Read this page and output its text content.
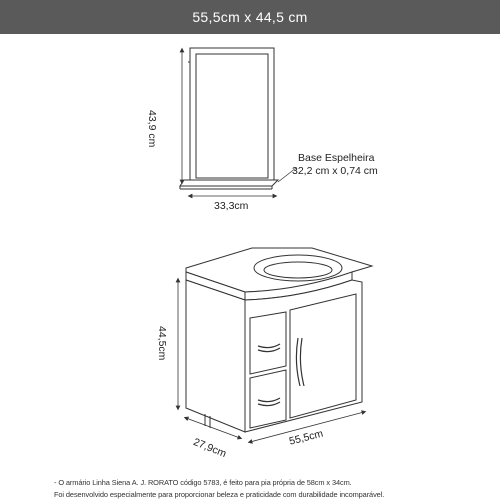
55,5cm x 44,5 cm
43,9 cm
33,3cm
Base Espelheira
32,2 cm x 0,74 cm
44,5cm
27,9cm	55,5cm
- O armário Linha Siena A. J. RORATO código 5783, é feito para pia própria de 58cm x 34cm.
Foi desenvolvido especialmente para proporcionar beleza e praticidade com durabilidade incomparável.
